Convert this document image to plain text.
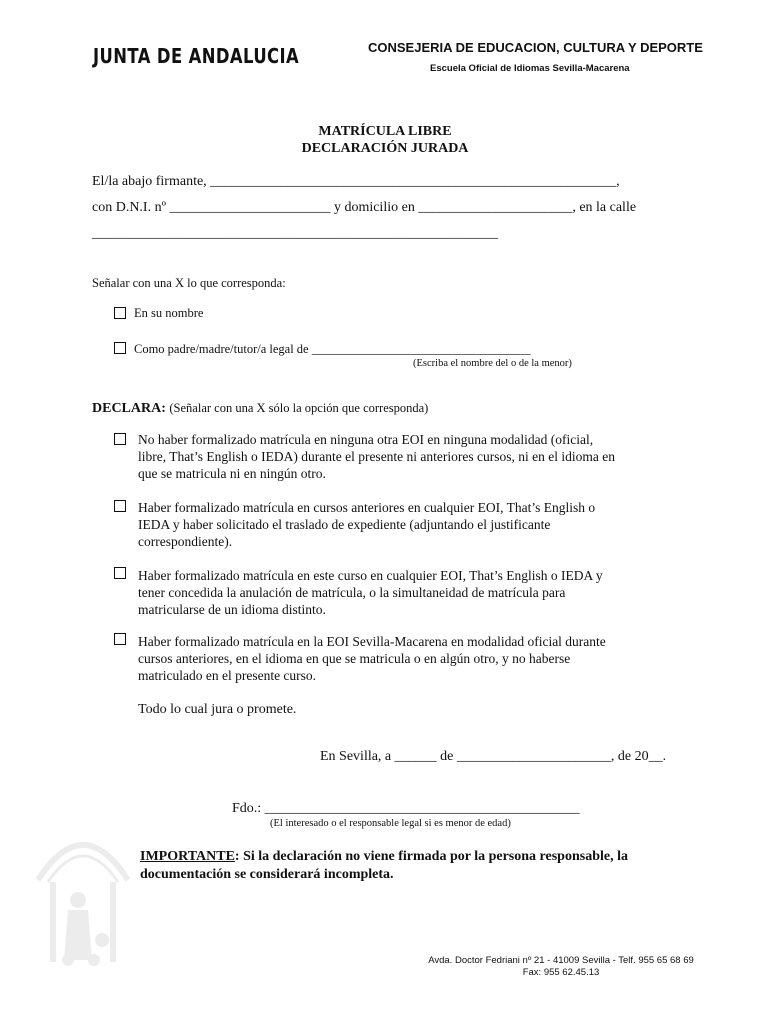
JUNTA DE ANDALUCIA	CONSEJERIA DE EDUCACION, CULTURA Y DEPORTE
Escuela Oficial de Idiomas Sevilla-Macarena
MATRÍCULA LIBRE
DECLARACIÓN JURADA
El/la abajo firmante, __________________________________________________________,
con D.N.I. nº _______________________ y domicilio en ______________________, en la calle
__________________________________________________________
Señalar con una X lo que corresponda:
En su nombre
Como padre/madre/tutor/a legal de ___________________________________
(Escriba el nombre del o de la menor)
DECLARA: (Señalar con una X sólo la opción que corresponda)
No haber formalizado matrícula en ninguna otra EOI en ninguna modalidad (oficial,
libre, That’s English o IEDA) durante el presente ni anteriores cursos, ni en el idioma en
que se matricula ni en ningún otro.
Haber formalizado matrícula en cursos anteriores en cualquier EOI, That’s English o
IEDA y haber solicitado el traslado de expediente (adjuntando el justificante
correspondiente).
Haber formalizado matrícula en este curso en cualquier EOI, That’s English o IEDA y
tener concedida la anulación de matrícula, o la simultaneidad de matrícula para
matricularse de un idioma distinto.
Haber formalizado matrícula en la EOI Sevilla-Macarena en modalidad oficial durante
cursos anteriores, en el idioma en que se matricula o en algún otro, y no haberse
matriculado en el presente curso.
Todo lo cual jura o promete.
En Sevilla, a ______ de ______________________, de 20__.
Fdo.: _____________________________________________
(El interesado o el responsable legal si es menor de edad)
IMPORTANTE: Si la declaración no viene firmada por la persona responsable, la documentación se considerará incompleta.
Avda. Doctor Fedriani nº 21 - 41009 Sevilla - Telf. 955 65 68 69
Fax: 955 62.45.13
